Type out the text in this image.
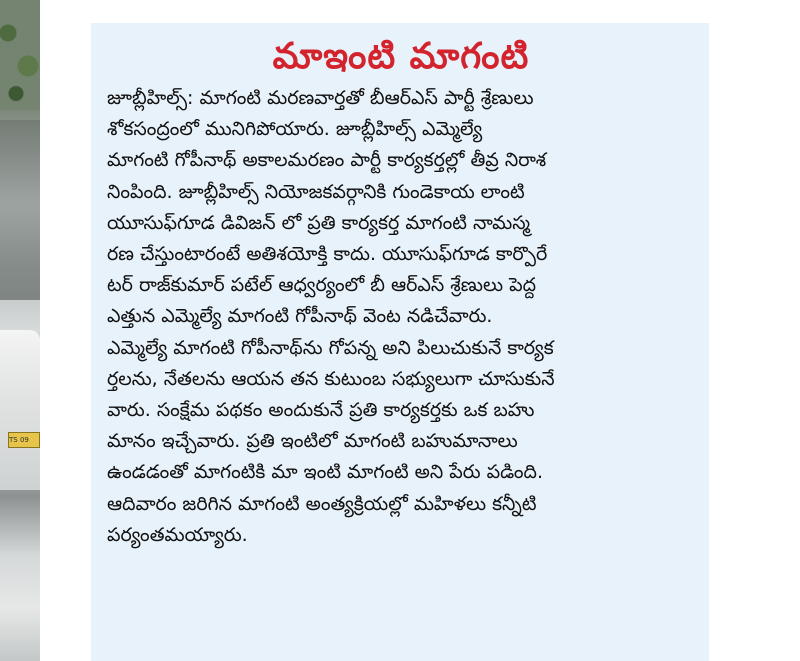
TS 09
మాఇంటి మాగంటి

జూబ్లీహిల్స్: మాగంటి మరణవార్తతో బీఆర్ఎస్ పార్టీ శ్రేణులు

శోకసంద్రంలో మునిగిపోయారు. జూబ్లీహిల్స్ ఎమ్మెల్యే

మాగంటి గోపీనాథ్ అకాలమరణం పార్టీ కార్యకర్తల్లో తీవ్ర నిరాశ

నింపింది. జూబ్లీహిల్స్ నియోజకవర్గానికి గుండెకాయ లాంటి

యూసుఫ్‌గూడ డివిజన్ లో ప్రతి కార్యకర్త మాగంటి నామస్మ

రణ చేస్తుంటారంటే అతిశయోక్తి కాదు. యూసుఫ్‌గూడ కార్పొరే

టర్ రాజ్‌కుమార్ పటేల్ ఆధ్వర్యంలో బీ ఆర్ఎస్ శ్రేణులు పెద్ద

ఎత్తున ఎమ్మెల్యే మాగంటి గోపీనాథ్ వెంట నడిచేవారు.

ఎమ్మెల్యే మాగంటి గోపీనాథ్‌ను గోపన్న అని పిలుచుకునే కార్యక

ర్తలను, నేతలను ఆయన తన కుటుంబ సభ్యులుగా చూసుకునే

వారు. సంక్షేమ పథకం అందుకునే ప్రతి కార్యకర్తకు ఒక బహు

మానం ఇచ్చేవారు. ప్రతి ఇంటిలో మాగంటి బహుమానాలు

ఉండడంతో మాగంటికి మా ఇంటి మాగంటి అని పేరు పడింది.

ఆదివారం జరిగిన మాగంటి అంత్యక్రియల్లో మహిళలు కన్నీటి

పర్యంతమయ్యారు.
